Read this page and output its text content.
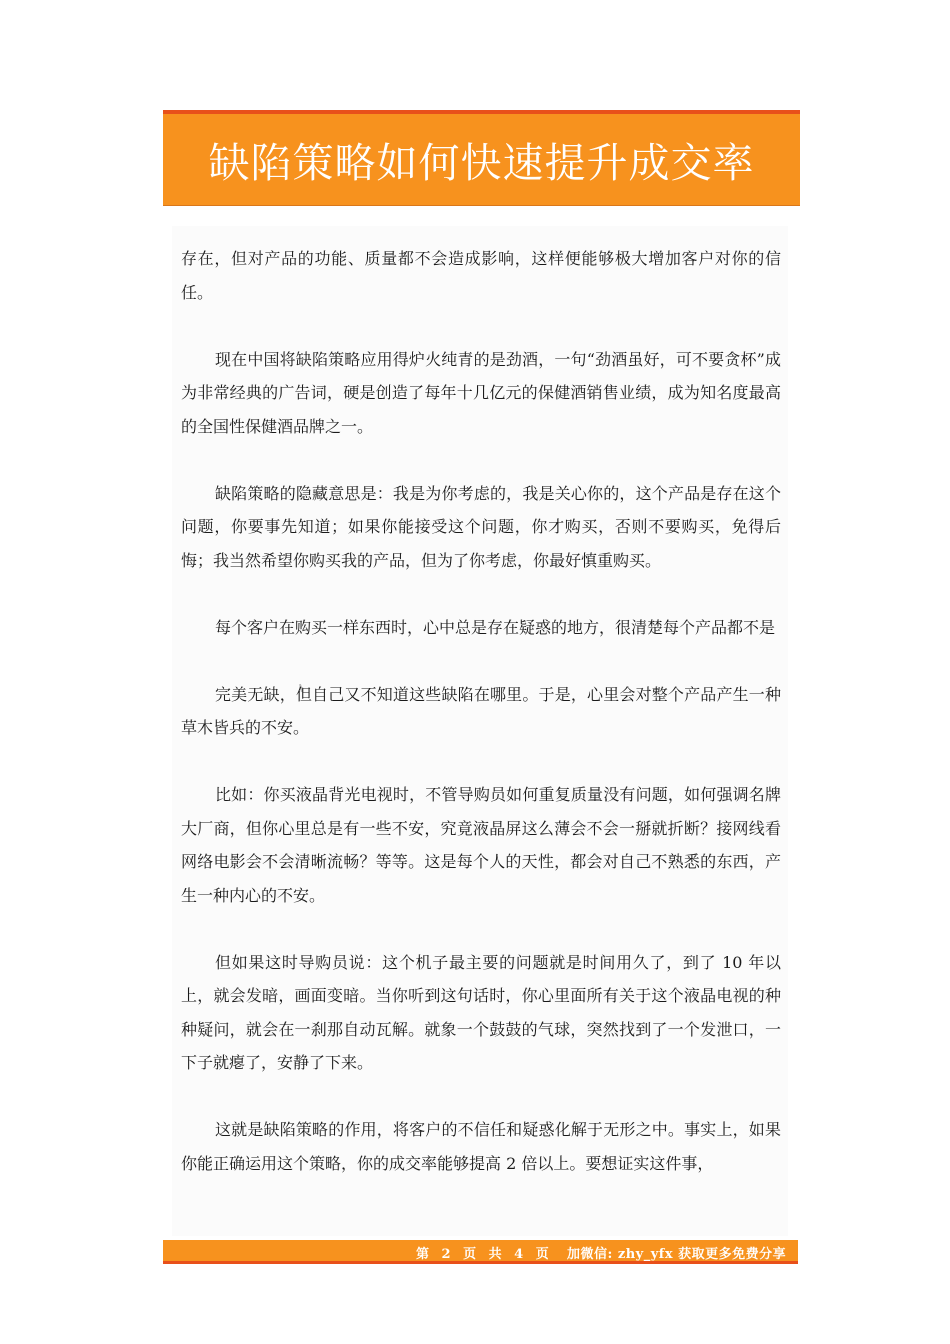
缺陷策略如何快速提升成交率

存在，但对产品的功能、质量都不会造成影响，这样便能够极大增加客户对你的信任。

现在中国将缺陷策略应用得炉火纯青的是劲酒，一句“劲酒虽好，可不要贪杯”成为非常经典的广告词，硬是创造了每年十几亿元的保健酒销售业绩，成为知名度最高的全国性保健酒品牌之一。

缺陷策略的隐藏意思是：我是为你考虑的，我是关心你的，这个产品是存在这个问题，你要事先知道；如果你能接受这个问题，你才购买，否则不要购买，免得后悔；我当然希望你购买我的产品，但为了你考虑，你最好慎重购买。

每个客户在购买一样东西时，心中总是存在疑惑的地方，很清楚每个产品都不是

完美无缺，但自己又不知道这些缺陷在哪里。于是，心里会对整个产品产生一种草木皆兵的不安。

比如：你买液晶背光电视时，不管导购员如何重复质量没有问题，如何强调名牌大厂商，但你心里总是有一些不安，究竟液晶屏这么薄会不会一掰就折断？接网线看网络电影会不会清晰流畅？等等。这是每个人的天性，都会对自己不熟悉的东西，产生一种内心的不安。

但如果这时导购员说：这个机子最主要的问题就是时间用久了，到了 10 年以上，就会发暗，画面变暗。当你听到这句话时，你心里面所有关于这个液晶电视的种种疑问，就会在一刹那自动瓦解。就象一个鼓鼓的气球，突然找到了一个发泄口，一下子就瘪了，安静了下来。

这就是缺陷策略的作用，将客户的不信任和疑惑化解于无形之中。事实上，如果你能正确运用这个策略，你的成交率能够提高 2 倍以上。要想证实这件事，

第 2 页 共 4 页 加微信: zhy_yfx 获取更多免费分享
